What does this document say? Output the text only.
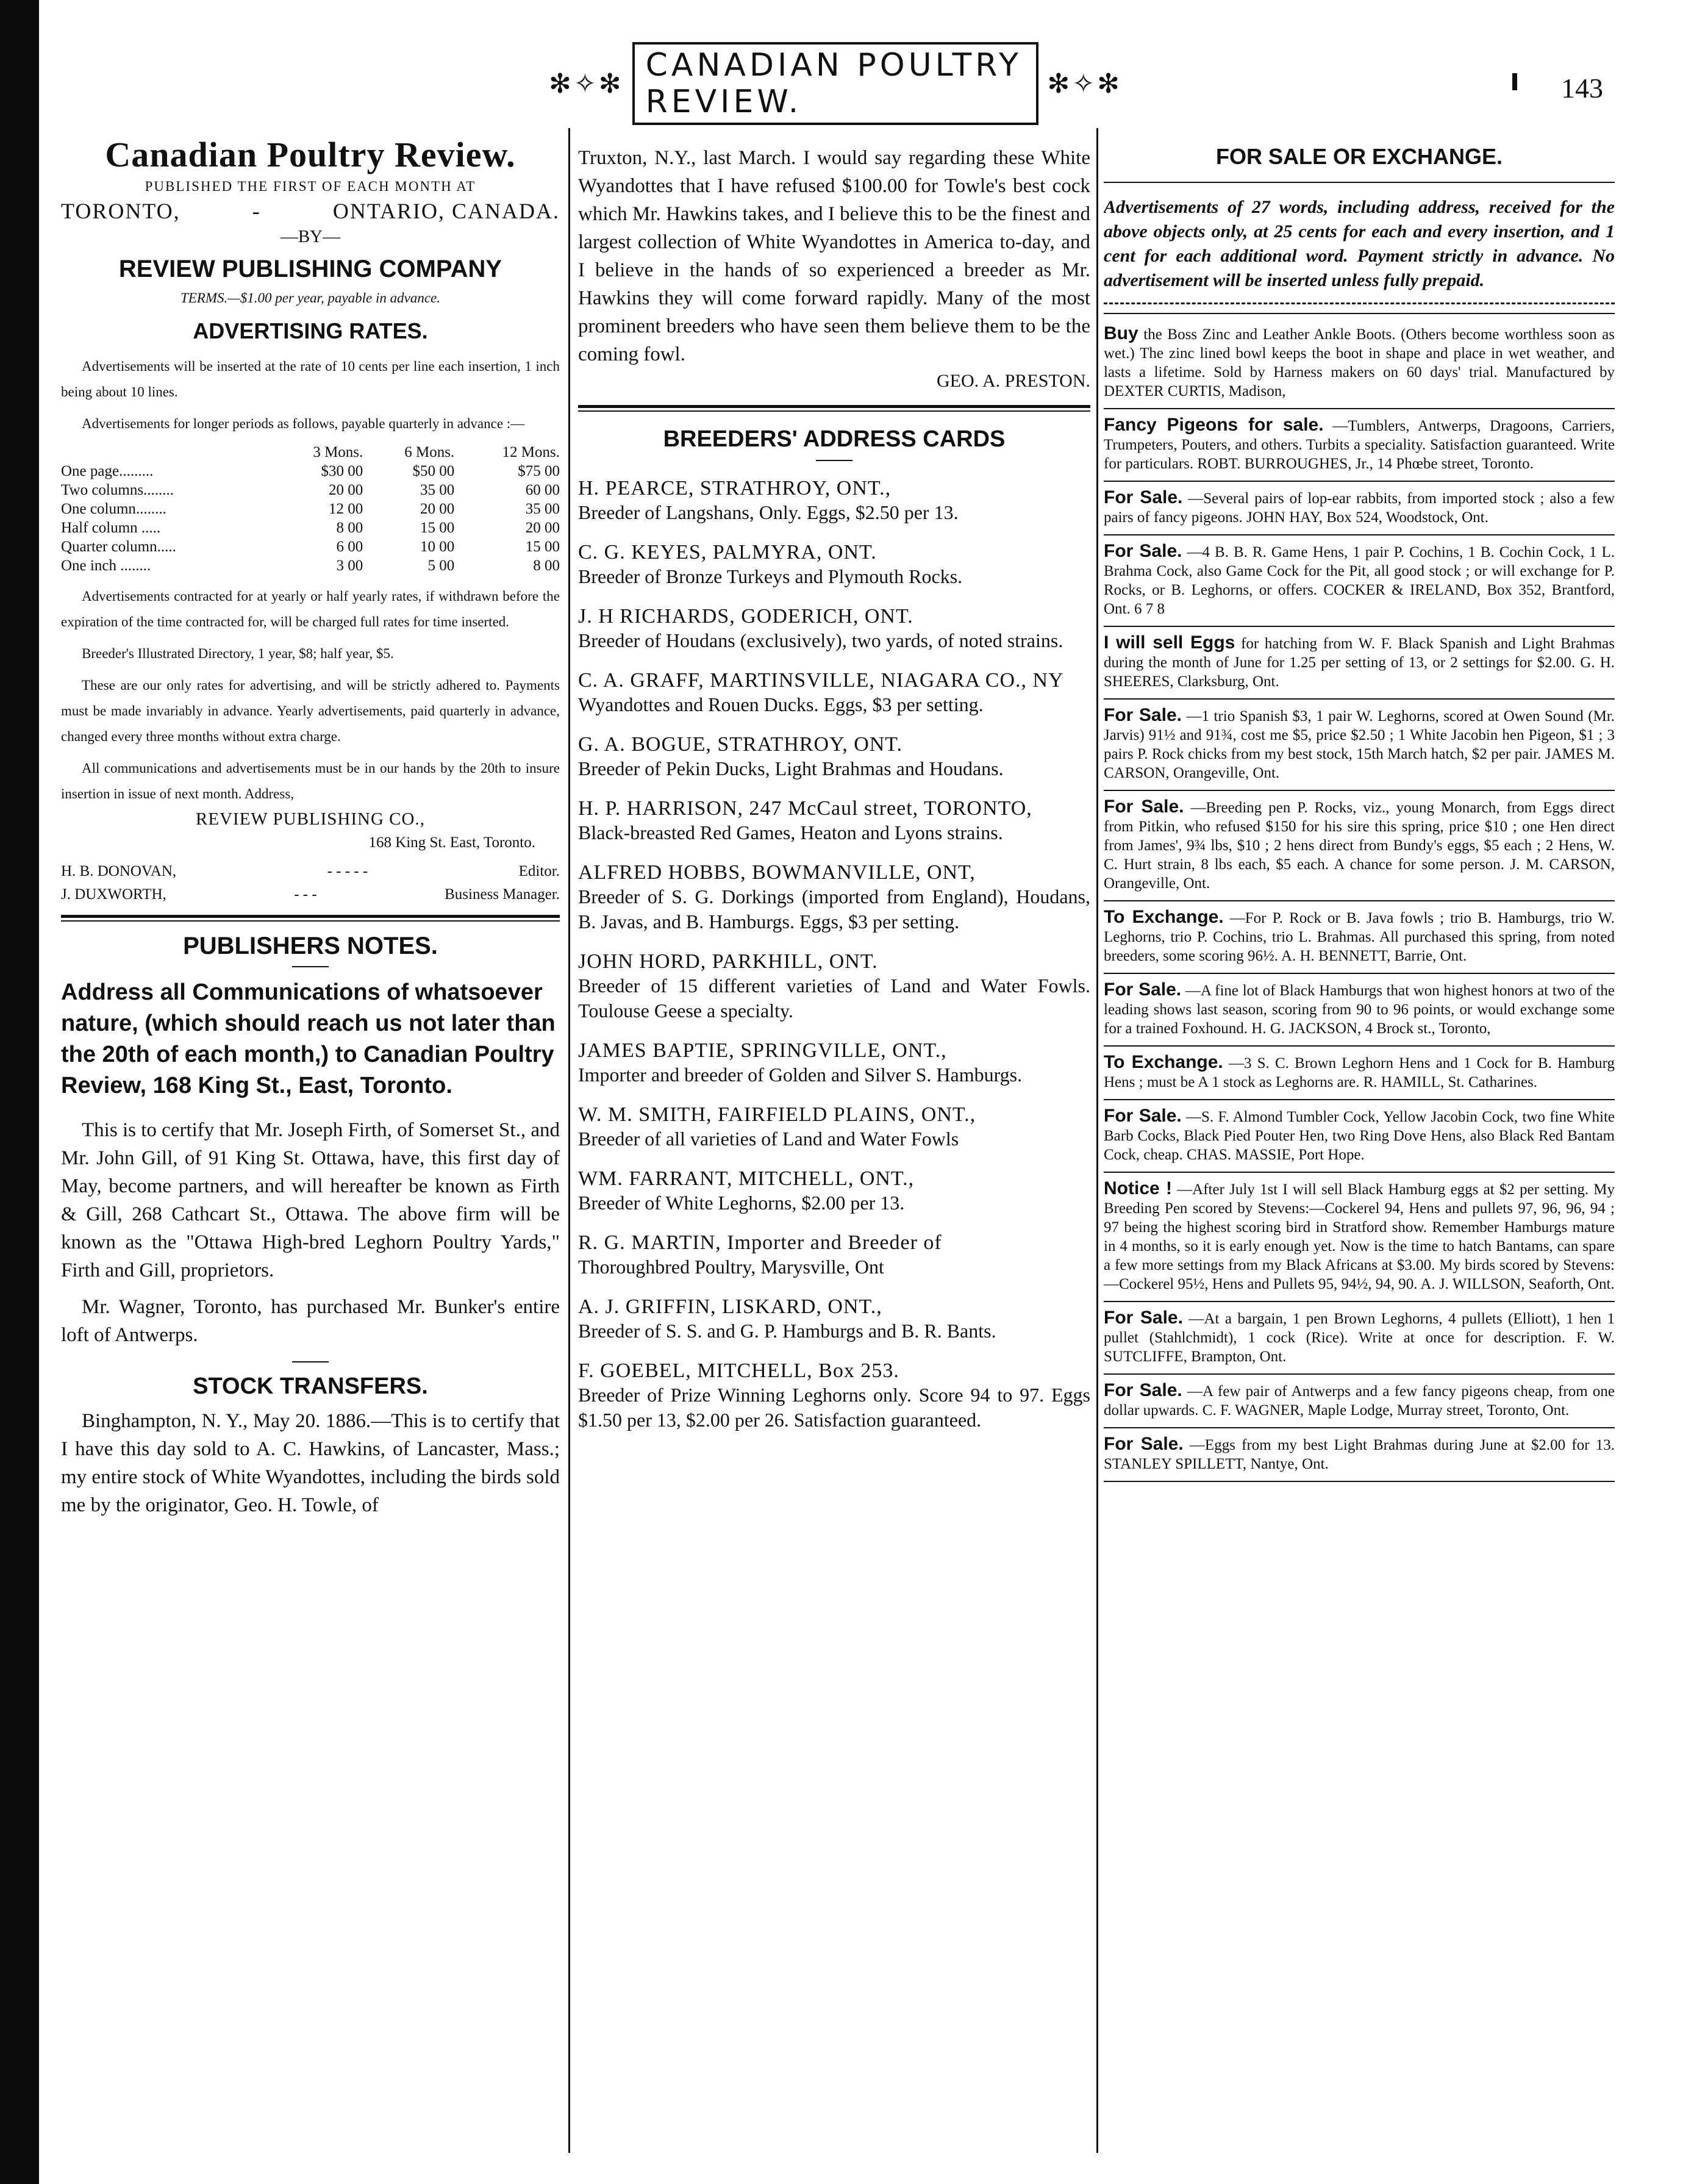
✻✧✻ CANADIAN POULTRY REVIEW.	✻✧✻	143
Canadian Poultry Review.

PUBLISHED THE FIRST OF EACH MONTH AT

TORONTO,	-	ONTARIO, CANADA.

—BY—

REVIEW PUBLISHING COMPANY

TERMS.—$1.00 per year, payable in advance.

ADVERTISING RATES.

Advertisements will be inserted at the rate of 10 cents per line each insertion, 1 inch being about 10 lines.

Advertisements for longer periods as follows, payable quarterly in advance :—

	3 Mons.	6 Mons.	12 Mons.
One page.........	$30 00	$50 00	$75 00
Two columns........	20 00	35 00	60 00
One column........	12 00	20 00	35 00
Half column .....	8 00	15 00	20 00
Quarter column.....	6 00	10 00	15 00
One inch ........	3 00	5 00	8 00

Advertisements contracted for at yearly or half yearly rates, if withdrawn before the expiration of the time contracted for, will be charged full rates for time inserted.

Breeder's Illustrated Directory, 1 year, $8; half year, $5.

These are our only rates for advertising, and will be strictly adhered to. Payments must be made invariably in advance. Yearly advertisements, paid quarterly in advance, changed every three months without extra charge.

All communications and advertisements must be in our hands by the 20th to insure insertion in issue of next month. Address,

REVIEW PUBLISHING CO.,

168 King St. East, Toronto.

H. B. DONOVAN,	- - - - -	Editor.
J. DUXWORTH,	- - -	Business Manager.

PUBLISHERS NOTES.

Address all Communications of whatsoever nature, (which should reach us not later than the 20th of each month,) to Canadian Poultry Review, 168 King St., East, Toronto.

This is to certify that Mr. Joseph Firth, of Somerset St., and Mr. John Gill, of 91 King St. Ottawa, have, this first day of May, become partners, and will hereafter be known as Firth & Gill, 268 Cathcart St., Ottawa. The above firm will be known as the "Ottawa High-bred Leghorn Poultry Yards," Firth and Gill, proprietors.

Mr. Wagner, Toronto, has purchased Mr. Bunker's entire loft of Antwerps.

STOCK TRANSFERS.

Binghampton, N. Y., May 20. 1886.—This is to certify that I have this day sold to A. C. Hawkins, of Lancaster, Mass.; my entire stock of White Wyandottes, including the birds sold me by the originator, Geo. H. Towle, of

Truxton, N.Y., last March. I would say regarding these White Wyandottes that I have refused $100.00 for Towle's best cock which Mr. Hawkins takes, and I believe this to be the finest and largest collection of White Wyandottes in America to-day, and I believe in the hands of so experienced a breeder as Mr. Hawkins they will come forward rapidly. Many of the most prominent breeders who have seen them believe them to be the coming fowl.

GEO. A. PRESTON.

BREEDERS' ADDRESS CARDS

H. PEARCE, STRATHROY, ONT.,
Breeder of Langshans, Only. Eggs, $2.50 per 13.
C. G. KEYES, PALMYRA, ONT.
Breeder of Bronze Turkeys and Plymouth Rocks.
J. H RICHARDS, GODERICH, ONT.
Breeder of Houdans (exclusively), two yards, of noted strains.
C. A. GRAFF, MARTINSVILLE, NIAGARA CO., NY
Wyandottes and Rouen Ducks. Eggs, $3 per setting.
G. A. BOGUE, STRATHROY, ONT.
Breeder of Pekin Ducks, Light Brahmas and Houdans.
H. P. HARRISON, 247 McCaul street, TORONTO,
Black-breasted Red Games, Heaton and Lyons strains.
ALFRED HOBBS, BOWMANVILLE, ONT,
Breeder of S. G. Dorkings (imported from England), Houdans, B. Javas, and B. Hamburgs. Eggs, $3 per setting.
JOHN HORD, PARKHILL, ONT.
Breeder of 15 different varieties of Land and Water Fowls. Toulouse Geese a specialty.
JAMES BAPTIE, SPRINGVILLE, ONT.,
Importer and breeder of Golden and Silver S. Hamburgs.
W. M. SMITH, FAIRFIELD PLAINS, ONT.,
Breeder of all varieties of Land and Water Fowls
WM. FARRANT, MITCHELL, ONT.,
Breeder of White Leghorns, $2.00 per 13.
R. G. MARTIN, Importer and Breeder of
Thoroughbred Poultry, Marysville, Ont
A. J. GRIFFIN, LISKARD, ONT.,
Breeder of S. S. and G. P. Hamburgs and B. R. Bants.
F. GOEBEL, MITCHELL, Box 253.
Breeder of Prize Winning Leghorns only. Score 94 to 97. Eggs $1.50 per 13, $2.00 per 26. Satisfaction guaranteed.

FOR SALE OR EXCHANGE.

Advertisements of 27 words, including address, received for the above objects only, at 25 cents for each and every insertion, and 1 cent for each additional word. Payment strictly in advance. No advertisement will be inserted unless fully prepaid.

Buy the Boss Zinc and Leather Ankle Boots. (Others become worthless soon as wet.) The zinc lined bowl keeps the boot in shape and place in wet weather, and lasts a lifetime. Sold by Harness makers on 60 days' trial. Manufactured by DEXTER CURTIS, Madison,
Fancy Pigeons for sale. —Tumblers, Antwerps, Dragoons, Carriers, Trumpeters, Pouters, and others. Turbits a speciality. Satisfaction guaranteed. Write for particulars. ROBT. BURROUGHES, Jr., 14 Phœbe street, Toronto.
For Sale. —Several pairs of lop-ear rabbits, from imported stock ; also a few pairs of fancy pigeons. JOHN HAY, Box 524, Woodstock, Ont.
For Sale. —4 B. B. R. Game Hens, 1 pair P. Cochins, 1 B. Cochin Cock, 1 L. Brahma Cock, also Game Cock for the Pit, all good stock ; or will exchange for P. Rocks, or B. Leghorns, or offers. COCKER & IRELAND, Box 352, Brantford, Ont. 6 7 8
I will sell Eggs for hatching from W. F. Black Spanish and Light Brahmas during the month of June for 1.25 per setting of 13, or 2 settings for $2.00. G. H. SHEERES, Clarksburg, Ont.
For Sale. —1 trio Spanish $3, 1 pair W. Leghorns, scored at Owen Sound (Mr. Jarvis) 91½ and 91¾, cost me $5, price $2.50 ; 1 White Jacobin hen Pigeon, $1 ; 3 pairs P. Rock chicks from my best stock, 15th March hatch, $2 per pair. JAMES M. CARSON, Orangeville, Ont.
For Sale. —Breeding pen P. Rocks, viz., young Monarch, from Eggs direct from Pitkin, who refused $150 for his sire this spring, price $10 ; one Hen direct from James', 9¾ lbs, $10 ; 2 hens direct from Bundy's eggs, $5 each ; 2 Hens, W. C. Hurt strain, 8 lbs each, $5 each. A chance for some person. J. M. CARSON, Orangeville, Ont.
To Exchange. —For P. Rock or B. Java fowls ; trio B. Hamburgs, trio W. Leghorns, trio P. Cochins, trio L. Brahmas. All purchased this spring, from noted breeders, some scoring 96½. A. H. BENNETT, Barrie, Ont.
For Sale. —A fine lot of Black Hamburgs that won highest honors at two of the leading shows last season, scoring from 90 to 96 points, or would exchange some for a trained Foxhound. H. G. JACKSON, 4 Brock st., Toronto,
To Exchange. —3 S. C. Brown Leghorn Hens and 1 Cock for B. Hamburg Hens ; must be A 1 stock as Leghorns are. R. HAMILL, St. Catharines.
For Sale. —S. F. Almond Tumbler Cock, Yellow Jacobin Cock, two fine White Barb Cocks, Black Pied Pouter Hen, two Ring Dove Hens, also Black Red Bantam Cock, cheap. CHAS. MASSIE, Port Hope.
Notice ! —After July 1st I will sell Black Hamburg eggs at $2 per setting. My Breeding Pen scored by Stevens:—Cockerel 94, Hens and pullets 97, 96, 96, 94 ; 97 being the highest scoring bird in Stratford show. Remember Hamburgs mature in 4 months, so it is early enough yet. Now is the time to hatch Bantams, can spare a few more settings from my Black Africans at $3.00. My birds scored by Stevens:—Cockerel 95½, Hens and Pullets 95, 94½, 94, 90. A. J. WILLSON, Seaforth, Ont.
For Sale. —At a bargain, 1 pen Brown Leghorns, 4 pullets (Elliott), 1 hen 1 pullet (Stahlchmidt), 1 cock (Rice). Write at once for description. F. W. SUTCLIFFE, Brampton, Ont.
For Sale. —A few pair of Antwerps and a few fancy pigeons cheap, from one dollar upwards. C. F. WAGNER, Maple Lodge, Murray street, Toronto, Ont.
For Sale. —Eggs from my best Light Brahmas during June at $2.00 for 13. STANLEY SPILLETT, Nantye, Ont.
